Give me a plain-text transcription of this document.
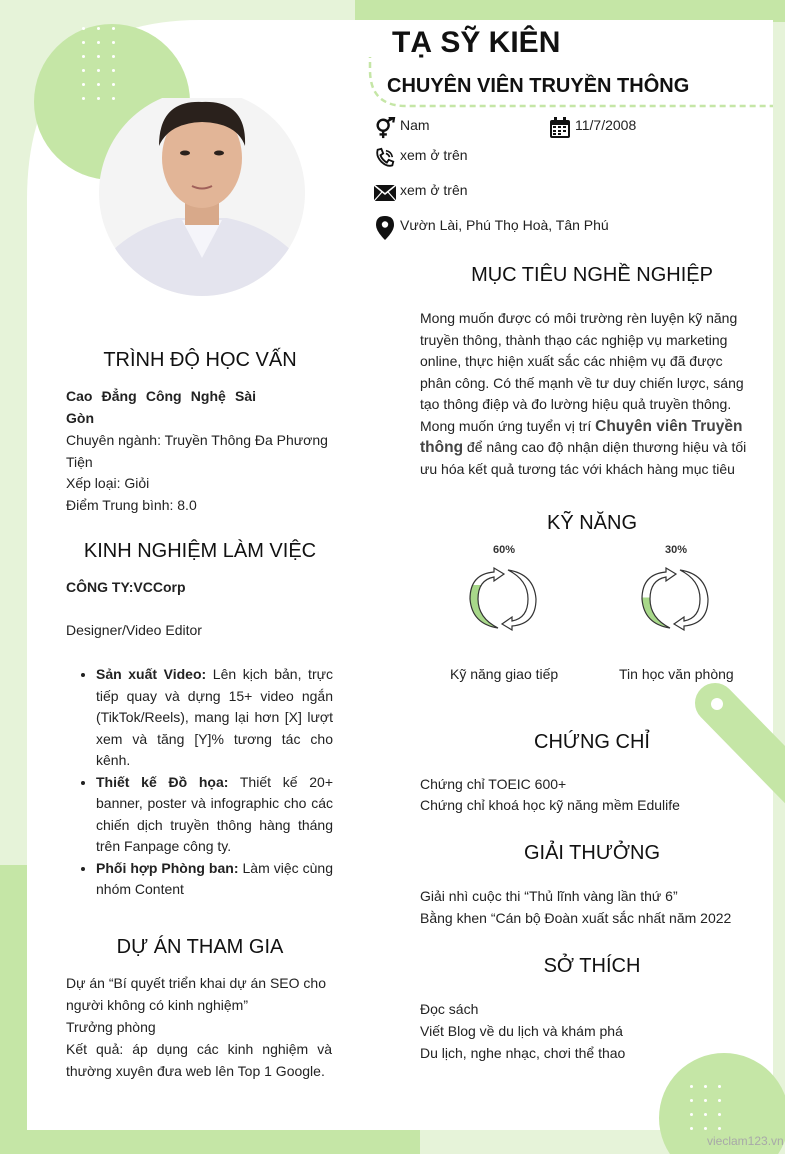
TẠ SỸ KIÊN
CHUYÊN VIÊN TRUYỀN THÔNG
Nam	11/7/2008
xem ở trên
xem ở trên
Vườn Lài, Phú Thọ Hoà, Tân Phú
TRÌNH ĐỘ HỌC VẤN
Cao Đẳng Công Nghệ Sài Gòn
Chuyên ngành: Truyền Thông Đa Phương Tiện
Xếp loại: Giỏi
Điểm Trung bình: 8.0
KINH NGHIỆM LÀM VIỆC
CÔNG TY:VCCorp
Designer/Video Editor
• Sản xuất Video: Lên kịch bản, trực tiếp quay và dựng 15+ video ngắn (TikTok/Reels), mang lại hơn [X] lượt xem và tăng [Y]% tương tác cho kênh.
• Thiết kế Đồ họa: Thiết kế 20+ banner, poster và infographic cho các chiến dịch truyền thông hàng tháng trên Fanpage công ty.
• Phối hợp Phòng ban: Làm việc cùng nhóm Content
DỰ ÁN THAM GIA
Dự án “Bí quyết triển khai dự án SEO cho người không có kinh nghiệm”
Trưởng phòng
Kết quả: áp dụng các kinh nghiệm và thường xuyên đưa web lên Top 1 Google.
MỤC TIÊU NGHỀ NGHIỆP
Mong muốn được có môi trường rèn luyện kỹ năng truyền thông, thành thạo các nghiệp vụ marketing online, thực hiện xuất sắc các nhiệm vụ đã được phân công. Có thế mạnh về tư duy chiến lược, sáng tạo thông điệp và đo lường hiệu quả truyền thông. Mong muốn ứng tuyển vị trí Chuyên viên Truyền thông để nâng cao độ nhận diện thương hiệu và tối ưu hóa kết quả tương tác với khách hàng mục tiêu
KỸ NĂNG
60%	30%
Kỹ năng giao tiếp	Tin học văn phòng
CHỨNG CHỈ
Chứng chỉ TOEIC 600+
Chứng chỉ khoá học kỹ năng mềm Edulife
GIẢI THƯỞNG
Giải nhì cuộc thi “Thủ lĩnh vàng lần thứ 6”
Bằng khen “Cán bộ Đoàn xuất sắc nhất năm 2022
SỞ THÍCH
Đọc sách
Viết Blog về du lịch và khám phá
Du lịch, nghe nhạc, chơi thể thao
vieclam123.vn
